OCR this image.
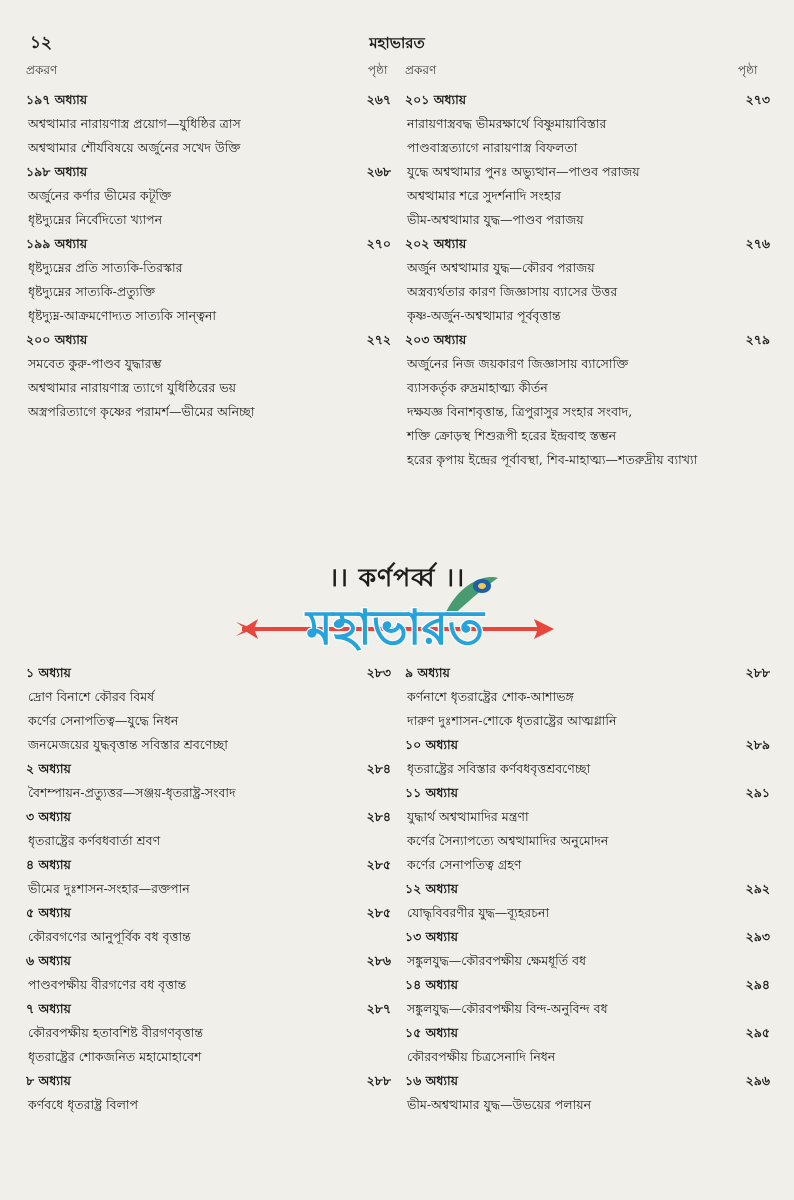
১২	মহাভারত
প্রকরণ	পৃষ্ঠা প্রকরণ	পৃষ্ঠা
১৯৭ অধ্যায়	২৬৭
অশ্বত্থামার নারায়ণাস্ত্র প্রয়োগ—যুধিষ্ঠির ত্রাস
অশ্বত্থামার শৌর্যবিষয়ে অর্জুনের সখেদ উক্তি
১৯৮ অধ্যায়	২৬৮
অর্জুনের কর্ণার ভীমের কটূক্তি
ধৃষ্টদ্যুম্নের নির্বেদিতো খ্যাপন
১৯৯ অধ্যায়	২৭০
ধৃষ্টদ্যুম্নের প্রতি সাত্যকি-তিরস্কার
ধৃষ্টদ্যুম্নের সাত্যকি-প্রত্যুক্তি
ধৃষ্টদ্যুম্ন-আক্রমণোদ্যত সাত্যকি সান্ত্বনা
২০০ অধ্যায়	২৭২
সমবেত কুরু-পাণ্ডব যুদ্ধারম্ভ
অশ্বত্থামার নারায়ণাস্ত্র ত্যাগে যুধিষ্ঠিরের ভয়
অস্ত্রপরিত্যাগে কৃষ্ণের পরামর্শ—ভীমের অনিচ্ছা
২০১ অধ্যায়	২৭৩
নারায়ণাস্ত্রবদ্ধ ভীমরক্ষার্থে বিষ্ণুমায়াবিস্তার
পাণ্ডবাস্ত্রত্যাগে নারায়ণাস্ত্র বিফলতা
যুদ্ধে অশ্বত্থামার পুনঃ অভ্যুত্থান—পাণ্ডব পরাজয়
অশ্বত্থামার শরে সুদর্শনাদি সংহার
ভীম-অশ্বত্থামার যুদ্ধ—পাণ্ডব পরাজয়
২০২ অধ্যায়	২৭৬
অর্জুন অশ্বত্থামার যুদ্ধ—কৌরব পরাজয়
অস্ত্রব্যর্থতার কারণ জিজ্ঞাসায় ব্যাসের উত্তর
কৃষ্ণ-অর্জুন-অশ্বত্থামার পূর্ববৃত্তান্ত
২০৩ অধ্যায়	২৭৯
অর্জুনের নিজ জয়কারণ জিজ্ঞাসায় ব্যাসোক্তি
ব্যাসকর্তৃক রুদ্রমাহাত্ম্য কীর্তন
দক্ষযজ্ঞ বিনাশবৃত্তান্ত, ত্রিপুরাসুর সংহার সংবাদ,
শক্তি ক্রোড়স্থ শিশুরূপী হরের ইন্দ্রবাহু স্তম্ভন
হরের কৃপায় ইন্দ্রের পূর্বাবস্থা, শিব-মাহাত্ম্য—শতরুদ্রীয় ব্যাখ্যা
।। কর্ণপর্ব্ব ।।
মহাভারত
১ অধ্যায়	২৮৩
দ্রোণ বিনাশে কৌরব বিমর্ষ
কর্ণের সেনাপতিত্ব—যুদ্ধে নিধন
জনমেজয়ের যুদ্ধবৃত্তান্ত সবিস্তার শ্রবণেচ্ছা
২ অধ্যায়	২৮৪
বৈশম্পায়ন-প্রত্যুত্তর—সঞ্জয়-ধৃতরাষ্ট্র-সংবাদ
৩ অধ্যায়	২৮৪
ধৃতরাষ্ট্রের কর্ণবধবার্তা শ্রবণ
৪ অধ্যায়	২৮৫
ভীমের দুঃশাসন-সংহার—রক্তপান
৫ অধ্যায়	২৮৫
কৌরবগণের আনুপূর্বিক বধ বৃত্তান্ত
৬ অধ্যায়	২৮৬
পাণ্ডবপক্ষীয় বীরগণের বধ বৃত্তান্ত
৭ অধ্যায়	২৮৭
কৌরবপক্ষীয় হতাবশিষ্ট বীরগণবৃত্তান্ত
ধৃতরাষ্ট্রের শোকজনিত মহামোহাবেশ
৮ অধ্যায়	২৮৮
কর্ণবধে ধৃতরাষ্ট্র বিলাপ
৯ অধ্যায়	২৮৮
কর্ণনাশে ধৃতরাষ্ট্রের শোক-আশাভঙ্গ
দারুণ দুঃশাসন-শোকে ধৃতরাষ্ট্রের আত্মগ্লানি
১০ অধ্যায়	২৮৯
ধৃতরাষ্ট্রের সবিস্তার কর্ণবধবৃত্তশ্রবণেচ্ছা
১১ অধ্যায়	২৯১
যুদ্ধার্থ অশ্বত্থামাদির মন্ত্রণা
কর্ণের সৈন্যাপত্যে অশ্বত্থামাদির অনুমোদন
কর্ণের সেনাপতিত্ব গ্রহণ
১২ অধ্যায়	২৯২
যোদ্ধৃবিবরণীর যুদ্ধ—ব্যূহরচনা
১৩ অধ্যায়	২৯৩
সঙ্কুলযুদ্ধ—কৌরবপক্ষীয় ক্ষেমধূর্তি বধ
১৪ অধ্যায়	২৯৪
সঙ্কুলযুদ্ধ—কৌরবপক্ষীয় বিন্দ-অনুবিন্দ বধ
১৫ অধ্যায়	২৯৫
কৌরবপক্ষীয় চিত্রসেনাদি নিধন
১৬ অধ্যায়	২৯৬
ভীম-অশ্বত্থামার যুদ্ধ—উভয়ের পলায়ন
